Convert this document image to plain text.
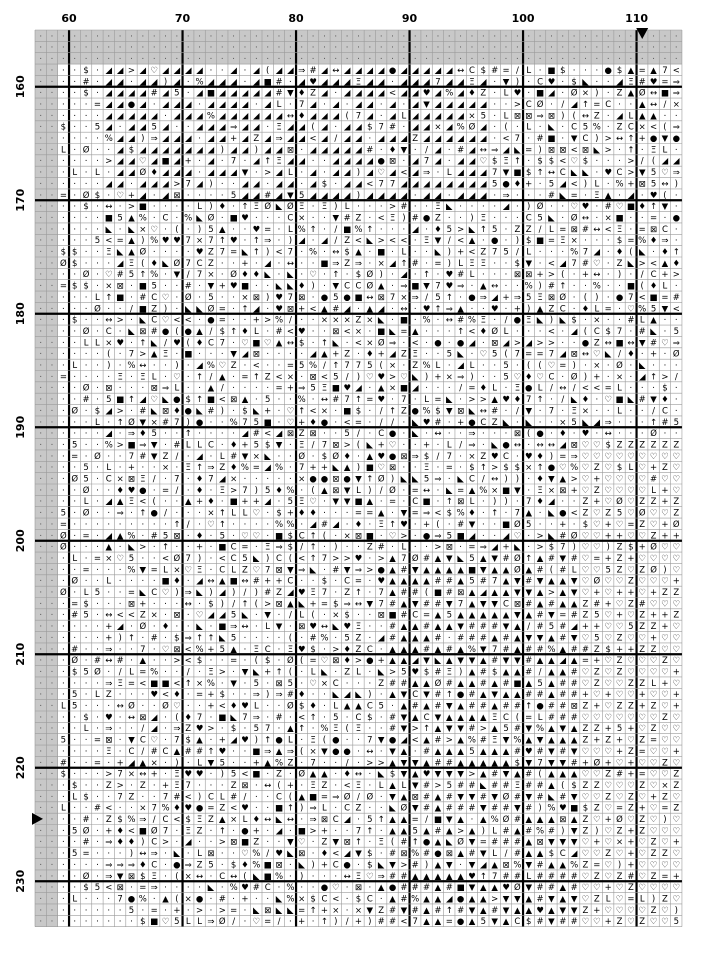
· · · · · · · · · · · · · · · · · · · · · · · · · · · · · · · · · · · · · · · · · · · · · · · · · · · · · · · ·
· · · · · · · · · · · · · · · · · · · · · · · · · · · · · · · · · · · · · · · · · · · · · · · · · · · · · · · · ·
· · · · · · · · · · · · · · · · · · · · · · · · · · · · · · · · · · · · · · · · · · · · · · · · · · · · · · · · ·
· · · · $ · ◢ ◢ > ◢ ♡ ◢ ◢ ◢ ◢ · · ◢ · ◢ ( ◢ ◢ ⇒ # ◢ ↔ ◢ ◢ ◢ ◢ ● ◢ ◢ ◢ ◢ ◢ ↔ C $ # = / L · ■ $ · · · ● $ ▲ = ▲ 7 <
· · · · # · ◢ ◢ · ◢ ◢ ) ◢ · % ◢ ◢ ◢ · ◢ ■ # · ◢ ♥ ◢ ◢ ◢ Ξ ◢ ◢ · ◢ ◢ ◢ 7 ◢ ◢ Ξ ◢ · ▼ ) · C ♥ · $ ◣ · · ◢ Ξ # ♥ = ⇒
· · · · $ · ◢ ◢ ◢ ◢ # ◢ 5 · ◢ ■ ◢ ◢ ◢ ◢ ◢ # ▼ ♦ Ζ ◢ · ◢ ◢ ◢ ◢ < ◢ ◢ ♥ ◢ % ◢ ♦ Ζ · L ♥ · ■ ◢ · Ø ⨯ ) · Ζ ▲ Ø ↔ ■ ⇒
· · · · · = ◢ ◢ ● ◢ · ◢ ◢ ◢ · ◢ ◢ ◢ ◢ · ◢ L · 7 ◢ · ◢ · ◢ ◢ · ◢ · ◢ ▼ ◢ ◢ ◢ ◢ ◢ · · > C Ø · / ◢ ↑ = C · · ▲ ↔ / ⨯
· · · · · · ◢ ◢ ◢ ◢ ◢ · ◢ ◢ ◢ % ◢ ◢ ◢ ◢ ◢ ◢ ↔ ♦ ◢ ◢ ◢ ( 7 ◢ · ◢ L ◢ ◢ ◢ ◢ ◢ ⨯ 5 · L ⊠ ⊠ ⇒ ⊠ ) ( ↔ Ζ · ◢ L ▲ ▲ · ·
· · $ · · 5 ◢ · ◢ ◢ 5 ◢ · · ◢ ◢ ◢ ⇒ ◢ ◢ · Ξ ◢ ◢ ( ◢ · ◢ ◢ $ 7 # · ◢ ◢ ⨯ ◢ % Ø ◢ · ( · L · ◣ · C 5 % · Ζ C ⨯ < ( ⇒
· · · · · · % ◢ ◢ ) ⇒ ◢ ◢ ◢ · ◢ ◢ + ◢ Ζ ◢ ⇒ ◢ ◢ < ◢ / ◢ ◢ · ◢ ◢ ◢ Ζ ◢ ◢ ◢ ◢ ◢ ◢ · < 7 · # ■ · ▼ C ) > ↔ ↑ + ● ▼ ●
· · L · Ø · · ◢ $ ◢ ◢ ◢ ◢ ◢ ◢ ◢ ) ◢ ◢ ) ◢ ◢ ⊠ · ◢ ◢ ◢ ◢ ◢ # · ♦ ▼ · / ◢ · # ◢ ↔ ⇒ ◢ ◣ = ) ⊠ ⊠ < ⊠ ◣ > · ↑ · Ξ L ·
· · · · · · > ◢ ◢ ♡ ◢ ■ ◢ + · ◢ · 7 · ◢ ↑ Ξ ◢ ◢ · · ◢ ◢ ◢ ◢ ● ⊠ · ◢ 7 ◢ · ◢ ◢ ♡ $ Ξ ↑ · $ $ < ♡ $ · · · > / ( ◢ ◢
· · · L · L · ◢ ◢ Ø ♦ ◢ ◢ ◢ · ◢ ◢ ◢ ▼ · > ◢ L · ◢ · ◢ ◢ ) ◢ ♡ ◢ < ◢ ⇒ · L ◢ ◢ ◢ 7 ▼ ■ $ ↑ ↔ C ◣ ◣ · ♥ C > ▼ 5 ♡ ⇒
· · · · · · ◢ ◢ · ◢ ◢ ◢ > 7 ◢ ) · · ◢ ◢ · ◢ ◢ · ◢ $ · ◢ ◢ < 7 7 ◢ ◢ ◢ ◢ ◢ ◢ ◢ ◢ 5 ● ♦ + · 5 ◢ < ) L · % + ⊠ 5 ↔ )
· · = · Ø $ · ♡ + ◢ · ◢ ⊠ · · · · 5 ◢ ◢ # ◢ ▼ 5 ◢ ◢ ◢ ◢ ) ◢ ◢ ◢ ◢ · ◢ ◢ · ◢ ◢ ◢ · ⇒ · · · # ◣ = · Ξ ▲ · ◢ · ♥ ( ·
· · · · $ · ↔ · > ■ · · · · L ) ♦ · ↑ Ξ Ø ◣ Ø Ξ · Ξ ) L · · · > # · · Ξ ◣ · · · · ◢ · ) Ø · · ♡ ♥ · # ♡ ■ ♦ ↑ ▼ ·
· · · · · · ■ 5 ▲ % · C · % ◣ Ø · ■ ♥ · · · C ⨯ · · ▼ # Ζ · < Ξ ) # ● Ζ · · ) Ξ · · · C 5 ◣ · Ø ↔ · ⨯ ■ · · = · ●
· · · · · · ◣ · ◣ ⨯ ♡ · ( · ) 5 ▲ · · ♥ = · L % ↑ · / ■ % ↑ · · · ◢ · ♦ 5 > ◣ ↑ 5 · Ζ Ζ / L = ⊠ # ↔ < Ξ · = ⊠ C ·
· · · · · 5 < = ▲ ) % ♥ ♥ 7 ⨯ 7 ↑ ♥ · ↑ ⇒ · ) ◢ · ◢ / Ζ < ◣ > < < · Ξ ▼ / < ▲ · ● · ) $ ■ = Ξ ⨯ · · · $ = % ♦ ⇒ ·
· · $ $ · · Ξ ◣ ▲ Ø · · · · ♥ Ζ 7 = ◣ ↑ ) < 7 · % · ↔ $ ▲ · ■ · L · · ◣ ) + < Ζ 7 5 / L · · · % 7 ◢ · ♦ ( ◣ · ♦ ↑
· · Ø $ · · · ◢ Ξ ( ♦ ◣ Ø 7 C Ζ · · + · ◢ · ↔ · · ■ ⇒ Ζ ⇒ · ⨯ ◢ ↑ # · = ) L Ξ Ξ · · $ ▼ · < ◢ 7 # ♡ · Ζ ◣ > < ▲ ♦
· · · · Ø · ♡ # 5 ↑ % · ▼ / 7 ⨯ · Ø ♦ ♦ ◣ · ◣ · ♡ · ↑ · $ Ø ) · ◢ · ↑ · ♥ # L · · · ⊠ ⊠ + > ( · + ↔ · ) · / C + >
· · = $ $ · ⨯ ⊠ · ■ 5 · · # · ▼ + ♥ ■ · · ◣ ◣ ♦ ) · ▼ C C Ø ▲ · ⇒ ■ ▼ 7 ♥ ⇒ · ▲ ↔ · · % ) # ↑ · · % · · ■ ( ♦ L ·
· · · · · L ↑ ■ · # C ♡ · Ø · 5 · · ⨯ ⊠ ) ♥ 7 ⊠ · ● 5 ● ■ ↔ ⊠ 7 ⨯ ⇒ / 5 ↑ · ● ⇒ ◢ + ⇒ 5 Ξ ⊠ Ø · ( ) · ● 7 < ■ = #
· · · · · Ø · · / ■ Ζ ) · ◣ ◣ Ø = · ↑ ◢ · ♥ ⊠ + < ▲ # ◢ · ▲ ◢ · ↔ · ♥ ↑ ⇒ ▲ · · ♥ · + ) ▲ Ζ C · ♦ L = · ♡ % 5 ▼ <
· · · $ · · ↔ > · ◣ C ♡ < < · ● = · · + > % / · · ⨯ ⨯ ⨯ Ζ ⨯ ◣ · ■ · % · ↔ # % Ξ · / ● Ξ ◣ ) ◣ $ · ⨯ · · # L ▲ · ·
· · · · Ø · C · ◣ ⊠ # ● ( ● ▲ / $ ↑ ♦ L · # < ♥ · · ⊠ < ⨯ · ■ ◣ = ▲ · · · ↑ < ♦ Ø L · · · < · ◢ ( C $ 7 · # ◣ · 5
· · · · L L ⨯ ♥ · ↑ ◣ / ♥ ( ♦ C 7 · ♡ ■ ♡ ▲ ↔ $ · ↑ ◣ · < ⨯ Ø ⇒ · < · ● · ● ◢ · ⊠ ◢ > ◢ > > · · ● Ζ ↔ ■ ↔ ▼ # ♡ ⇒
· · · · · · ( · 7 > ▲ Ξ · ■ · · · ▼ ◢ ⊠ · · · · ◢ ▲ + Ζ · ♦ + ◢ Ζ Ξ · · 5 ◣ · ♡ 5 ( 7 = = 7 ◢ ⊠ ↔ ♡ ◣ / ♦ · + · Ø
· · · L · · ) · % ↔ · · ) · ◢ % ♡ Ζ · < · · = 5 % / ↑ 7 7 5 ( ⨯ · Ζ % L · ◢ L · · 5 · ( ( ♡ = ) · ⨯ · Ø · ◣ · · ·
· · = · · · · Ξ · Ξ L · ♡ · ↑ / ▲ · = ↑ Ζ < ⨯ · ⊠ < 5 / ) ♡ ♥ > ♡ ◣ ) + ⨯ ⇒ ) · · 5 ♡ ♦ ♡ C · Ø ) + · ⨯ · ◢ ↑ > /
· · · · Ø · ⊠ · · · ⊠ ⇒ L · · ▲ / · · · · = + ⇒ 5 Ξ ■ ♥ ◢ · ▲ ⨯ ■ ◢ · · · / = ♦ L · Ξ ● L / ↔ / < < = L · · · $ ·
· · · · # · 5 ■ ↑ ◢ ♡ ◣ ● $ ↑ ■ < ⊠ ▲ · 5 · · % · ↔ # 7 ↑ = ♥ · 7 · L = ◣ · > > ▲ ♥ ♦ 7 ↑ · / ◣ ♦ · ♡ ■ ◣ # ▼ ♦ ·
· · · Ø · $ ◢ > · # ◣ ⊠ ♦ ● ◣ # ) · $ ◣ + · ♡ ↑ < ⨯ · ■ $ · / ↑ Ζ ● % $ ▼ ⊠ ◣ ↔ # · / ▼ · 7 · Ξ ⨯ · · L · · / C ·
· · · · · L · ↑ Ø ▼ ⨯ # 7 ) ● · · % 7 5 ■ · ♡ + ♦ ● · < = · / / · ◣ ♥ # · + ● C Ζ ◣ · ◣ · · ⨯ 5 ◣ ◢ ⇒ · · · ↑ # 5
· · · · · · ◢ · ⇒ ♦ 5 · · ↑ · · · · ◢ # < ◢ ⊠ Ζ ⊠ · · 5 / · C ● · ◣ · ↔ · · ⇒ · · · ⊠ ( ● · ♦ · ♥ · ↔ · · · Ø · ·
· · · 5 · · % > ■ ⇒ ▼ · # L L C · ♦ + 5 $ ▼ · Ξ / 7 ⊠ > ( ◣ + ♡ · · + · L / ⇒ · ◣ ● ↔ · ↔ ↔ ◢ ⊠ ♡ ♡ $ Ζ Ζ Ζ Ζ Ζ Ζ
· · · = · Ø · · 7 # ▼ Ζ / · ◢ · L # ▼ ⨯ ◣ · · Ø · $ Ø ♦ · ▲ ♥ ● ⊠ ⇒ $ / 7 · ⨯ Ζ ♥ C · ♥ ♦ ) = ⇒ ♡ ♡ ♡ ♡ ♡ ♡ ♡ ♡ ♡
· · · · 5 · L · + · · ⨯ · Ξ ↑ ⇒ Ζ ♦ % = ◢ % · 7 + + ◣ ▲ ) ■ ♡ ⊠ · · Ξ · = · $ ↑ > $ $ ⨯ ↑ ● ♡ % ♡ Ζ ♡ $ L ♡ + Ζ ♡
· · · Ø 5 · C ⨯ ⊠ Ξ / · 7 · ♦ 7 ◢ ⨯ · · · · · ⨯ ● ● ⊠ ● ▼ ↑ Ø ) ◣ ◣ 5 ⇒ · ◣ C / ↔ ) ) · ♦ ▼ ▲ > ♡ + ♡ ♡ ♡ ♡ # ♡ ♡
· · · · Ø · · ♦ ♥ ● · = / · ♦ · Ξ > 7 ) 5 ♦ % · ( ▲ ⊠ ▼ L ) / Ø · = ↔ · ◣ = ▲ % ⨯ ■ ▼ · Ξ ⨯ ⊠ + ♡ Ζ ♡ ♡ ♡ ♡ L + ♡
· · · · L · ◢ ▲ Ξ < ( · · ▲ + ♦ · ■ + + ◢ · 5 Ξ ♡ · ▼ ▼ ■ ▲ · = · C ■ · ↑ ⊠ L · ) ) · 7 ♦ ◢ · · Ζ + ♡ Ø ♡ Ζ Ζ + Ζ
· · 5 · Ø · · ⇒ · ↑ ● / · · · ⨯ ↑ L L ♡ · $ + ♦ ♦ · · · = = ▲ · ▼ = ⇒ < $ % ♦ · ↑ · 7 ▲ · ◣ ● < Ζ ♡ Ζ 5 ♡ Ø ♡ ♡ Ζ
· · = · · · · · · · · · ↑ / · ♡ ↑ · · · · % % · ◢ # ◢ · ♦ · Ξ ↑ ♥ · + ( · # ▼ · · ■ Ø 5 · · + · $ ♡ + ♡ = Ζ ♡ + Ø
· · Ø · = · ◢ ▲ % · # 5 ⊠ · ♦ · 5 · ♡ ♡ · ■ $ C ↑ ( · ⨯ ⊠ ■ · ♡ > · ● ⇒ 5 ■ ◢ · · ◢ ♡ · > ◣ # Ø ♡ ♡ + + ♡ ♡ Ζ + +
· · Ø · · · ▲ · ◣ > · ↑ · · + · ■ C = · Ξ ⇒ $ / ↑ · ) · · Ζ # · L · · > ⊠ · = ⇒ ◢ + ◣ · > $ 7 ) ♡ ♡ ) Ζ $ + Ø ♡ ♡
· · · L · = ⨯ ♡ 5 · · < Ø 7 ) · < C 5 ◣ ) C ( < ↑ 7 > > ♥ · > ▲ 7 Ø # ▲ ▼ ◣ 5 ▲ ▼ # Ø ↑ ▲ # ▼ # ♡ = + Ζ + ♡ ♡ ♡ ♡
· · · · = · · · % ▼ = L ⨯ ♡ Ξ · C L Ζ ♡ 7 ⊠ ▼ ⇒ ◣ · # ▼ ⇒ > ● ▲ # ▼ ▲ ▲ ▲ ▲ ■ ▼ ▲ ▲ Ø ▲ # ( # L ♡ ♡ 5 Ζ ♡ Ζ Ø ) ♡
· · · Ø · · L · · · · ■ ♦ · ◢ ↔ ▲ ■ ↔ # + + C · · $ · C = · ♥ ▲ ▲ ▲ ▲ # # ▲ 5 # 7 ▲ ▼ # ▼ ▲ ▲ ▼ ♡ Ø ♡ ♡ Ζ ♡ ♡ ♡ +
· · Ø · L 5 · · = ◣ C ♡ ) ⇒ ◣ ) ◢ ) / ) # Ζ ◢ ♥ Ξ 7 · Ζ ↑ · 7 ▲ # # ( ■ # ⊠ ▲ ◢ ▲ ▲ ▼ ▼ ▲ > ▲ ▼ ♡ + ♡ + + ♡ + Ζ Ζ
· · · = $ · · · ⊠ + · · · ↔ · $ ) / ↑ ( > ⊠ ▲ ◣ + = $ ⇒ ↔ ▼ 7 # ▲ ▼ # # ▼ 7 ▲ ▼ ▼ C ⊠ # ▲ # ▲ ▲ Ζ # + ♡ Ζ # ♡ ♡ ♡
· · · # 5 · ↔ < < Ζ ⨯ · ⊠ · ♡ ◢ ◢ 5 ◣ · ▼ · / L ( · ⨯ $ · · ⊠ ■ # C = ▲ 5 ▲ ▲ ▲ ▲ ▲ ▼ ▲ # ▼ = # Ζ 5 ♡ + ♡ Ζ + + Ζ
· · · · · · + ◢ · Ø · ♦ · · ◣ · ■ ⇒ ↔ · L ▼ · ⊠ ♥ ↔ ◣ ♥ Ξ · · # ▲ ▲ # ▲ ▲ ▼ # # # ▼ ▲ / # 5 # ◢ + + ♡ ♡ 5 Ζ Ζ + ♡
· · · · · · + ) ↑ · # · $ ⇒ ↑ ↑ ◣ 5 · · · · ( · # % · 5 Ζ · ◢ # ▲ ▲ ▲ # · # # # ▲ # ▲ ▼ ▼ ▲ # ▼ ♡ 5 ♡ Ζ ♡ ♡ + ♡ ♡
· · · # · · ⇒ · · 7 · ♡ ⊠ < % + 5 ▲ · Ξ C · Ξ ♥ $ · > ♦ Ζ C · ▲ ▲ ▲ # ▲ # ▲ % ▼ 7 # ▲ # # % ▲ # # Ζ $ + + Ζ Ζ ♡ ♡
· · · Ø · # ↔ # · ▲ · · > < $ · · = · ( $ · Ø ( = ♡ ⊠ ♦ > ● + ▲ ▲ ◢ ▼ ◣ ▲ ▼ ▼ ▲ # ▼ ▼ # ▲ ▲ ◢ ▲ = + ♡ Ζ ♡ ♡ ♡ Ζ ♡
· · · $ 5 Ø · / L = % · · / · Ξ > · ▼ ◣ + ↑ ( · L ◣ · Ζ L · ◣ > 5 ♥ $ # Ξ ) ▲ # $ ▲ ▲ # / ▲ ▲ # ♡ Ζ ♡ Ζ ♡ ♡ ♡ ♡ +
· · · · · · ⇒ Ξ = < ■ ■ < ↑ ⨯ % · ▼ · 5 · ⊠ 5 · ♡ ⨯ C · · · Ζ # # ▲ ▲ Ø # ▲ ▲ # ▲ # ■ ▲ 5 ▲ # # ♡ Ζ ♡ ♡ Ζ Ζ L + ♡
· · · 5 · L Ζ · · · ♥ < ♦ · = + $ · · ⇒ ) ⇒ # ♦ · · ◣ ◢ ◣ ) · ▲ ▼ C ▼ # ↑ ● # ▲ ▼ ▲ ▲ # # ▲ # # + ♡ + ♡ ♡ + ♡ ♡ +
· · L 5 · · · ↔ Ø · · Ø ♡ · · + < ♦ ♥ L · · Ø $ ♦ · L ▲ ▲ C 5 · ▲ # ▲ # ▼ ▲ # # ▲ # # ↑ ● # # ⊠ Ζ + ♡ Ζ Ζ + Ζ ♡ +
· · · · $ · ♥ · ↔ ⊠ ◢ · ( ♦ 7 · ■ ◣ 7 ⇒ · # · < ↑ · 5 · C $ · # ▼ ▲ C ▼ ▲ ▲ ▲ ▲ Ξ C ( = L # # # ♡ ♡ ♡ ♡ ♡ ♡ ♡ Ζ ♡
· · · · L · ⇒ · · / ◢ · ⇒ Ζ ♥ > · $ · 5 7 · ▲ ↑ · % Ξ ( Ξ · · # ▼ > ↑ ▲ ▼ ▼ # > ▲ 5 # ▼ % ▲ ▼ ▲ Ζ Ζ + 5 + ♡ Ζ ♡ ♡
· · 5 · · = ⊠ · ▼ C ♡ · 7 $ ▲ · + ◢ ♥ ) ↑ ● L · Ξ ( ● · · 7 ▼ ● ◢ < ▲ # > ▲ % # Ξ ▼ % ▲ ▼ ▲ ▲ ▲ Ζ + Ζ + ♡ Ζ = ♡ ♡
· · · · · · Ξ · C / # C ▲ # # ↑ ♥ · · ■ ⇒ ▲ ⇒ ( ⨯ ▼ ● ● · ↔ · ▼ ▲ · # ▲ ▲ ▲ 5 ▲ ▲ ▲ # ♥ # ▼ # ▼ ♡ ♡ ♡ + Ζ = ♡ ♡ +
· · # · · = · + ◢ ▲ ⨯ · ) · L ▼ 5 · · + ▲ % Ζ · 7 · · / · > > ▲ ▼ ▼ ▲ # # ▲ ▲ ▲ ▲ ▲ $ ▼ 7 ▼ ▼ # + Ø + ♡ + ♡ ♡ Ζ ♡
· · $ · · · > 7 ⨯ ↔ + · Ξ ♥ ♥ · ) 5 < ■ · Ζ · Ø ▲ ▲ · ♦ ↔ · ◣ $ ▼ ▲ ♥ ▼ ▼ ▼ > ▲ # ▼ ▲ # ( ▲ ▲ ▲ ♡ ♡ Ζ # + = ♡ ♡ Ζ
· · · $ · · Ζ > · Ζ · + Ξ 7 · · · Ζ ⊠ · ↔ ( + · Ξ Ζ · < Ξ · L ▲ L ▼ # > 5 # # ◣ # # Ξ # # ▲ ( $ Ζ Ζ ♡ ♡ ♡ Ζ ♡ ⨯ Ζ
· · · L $ · · 7 Ζ · · 7 # < ) C L # / · · C ( ▲ ■ = ⇒ Ø / Ø · ▼ ▲ ⊠ # ▲ # ▼ ▼ # ▼ Ø # ▼ # ◣ # ▼ ♡ ♡ Ζ ♡ Ζ ♡ + Ζ ♡
· · L · · # < · · ⨯ 7 % ♦ ♥ ● = Ζ < ♥ · · ■ ↑ ) ⇒ L · C Ζ · · ◣ Ø ▼ # ▲ # # # ▼ # # ▼ # ) % ♥ ■ $ Ζ ♡ = Ζ + ♡ = Ζ
· · · # · Ζ $ % ⇒ / C < $ Ξ Ζ ▲ ⨯ L ♦ ↔ ◣ ↔ · ⇒ ⊠ C ◢ · 5 ↑ ▲ ▲ = / ■ ▼ ▲ · ▲ % Ø # ▲ ▲ ▲ ⊠ ▲ Ζ ♡ + Ø ♡ Ζ ♡ ) ♡
· · · 5 Ø · + ♦ < ■ Ø 7 · Ξ Ζ · ↑ · ● + · ◢ · ■ > + · · 7 ↑ · ▲ ▲ 5 ▲ # ▲ > ▲ ) L # ▲ # % # ) ▼ Ζ ) ♡ Ζ + Ζ ♡ ♡ ♡
· · · · # · ⇒ ♦ ♦ ) C > · ◢ · · > ⊠ ■ Ζ · · ▼ ♡ · Ζ ▼ ⊠ ↑ · Ξ ( # ↑ ● ▲ ◣ Ø ▼ = # # # ▲ ⊠ ▼ ▼ ▼ ♡ + ♡ ⨯ + ♡ Ζ ♡ +
· · · 5 = · · · ) ↔ ⇒ · ◣ · L ⊠ · · ♡ % / ♥ ◣ ⊠ · ♦ < ◢ ▼ $ · # ⊠ % # ● ⊠ ▲ # ▼ L / # ▲ ▲ $ C ◢ ♡ ♡ Ζ ♡ + ♡ Ζ Ζ ♡
· · · · · · ⇒ ⇒ ⇒ ♦ C · ● ⇒ Ζ 5 · $ ♦ % ■ ⊠ · ◣ ) + C ● · $ ◣ ▼ > # ) ▲ ▼ · ▼ ◢ ▲ ⊠ % ▼ # ▲ ▲ % Ζ = ♡ ) + ♡ ♡ ♡ ♡
· · · · Ø · ⇒ ▼ ⊠ $ Ξ · ( ⨯ ↔ · C ↔ ( ◣ ■ % · ) · · · ↔ Ξ ♡ ⇒ # # ▲ ▲ ▲ ▲ ▲ ♥ ↑ 7 # # L # # # # ♡ Ζ ♡ Ζ # ♡ Ζ = +
· · · · $ 5 < ⊠ · = ⇒ · · · · ◣ · % ♥ # C · % · · ● ♡ · ⊠ · ▲ ● # # # ▲ # ■ ▼ ▲ ▲ ♥ Ø ▼ # # ▲ # ♡ ♡ + ♡ Ζ ♡ ♡ ♡ ♡
· · · L · · · 7 ● % · ▲ ( ⨯ ● · # · + · · ◣ % ⨯ $ C < · $ C · ▲ # % ▲ ▲ ◢ ● ▲ ▲ > ▼ ▼ ▲ # ▼ ▲ ▼ ♡ Ζ L ♡ = L ) Ζ ♡
· · · · · · · · 5 · = · + · > · > = · ◣ ⊠ ◣ ◣ = ↑ + ⨯ · ⨯ ▼ Ζ # ▼ # ▲ # ↑ # ▼ ▲ # ▼ ▲ ▲ ♥ ▲ ▼ ▼ Ζ + ♡ ♡ ♡ ♡ Ζ ♡ )
· · · · · · · · · $ ■ ♡ 5 L L ⇒ Ø / · ♡ = / · + · ↑ ) / + ) # # < 7 ▲ ▲ = ● ▲ 5 ▼ ▲ C $ # ▼ # # ♡ ♡ + Ζ ♡ Ζ ♡ ♡ 5
60	70	80	90	100	110
160
170
180
190
200
210
220
230
